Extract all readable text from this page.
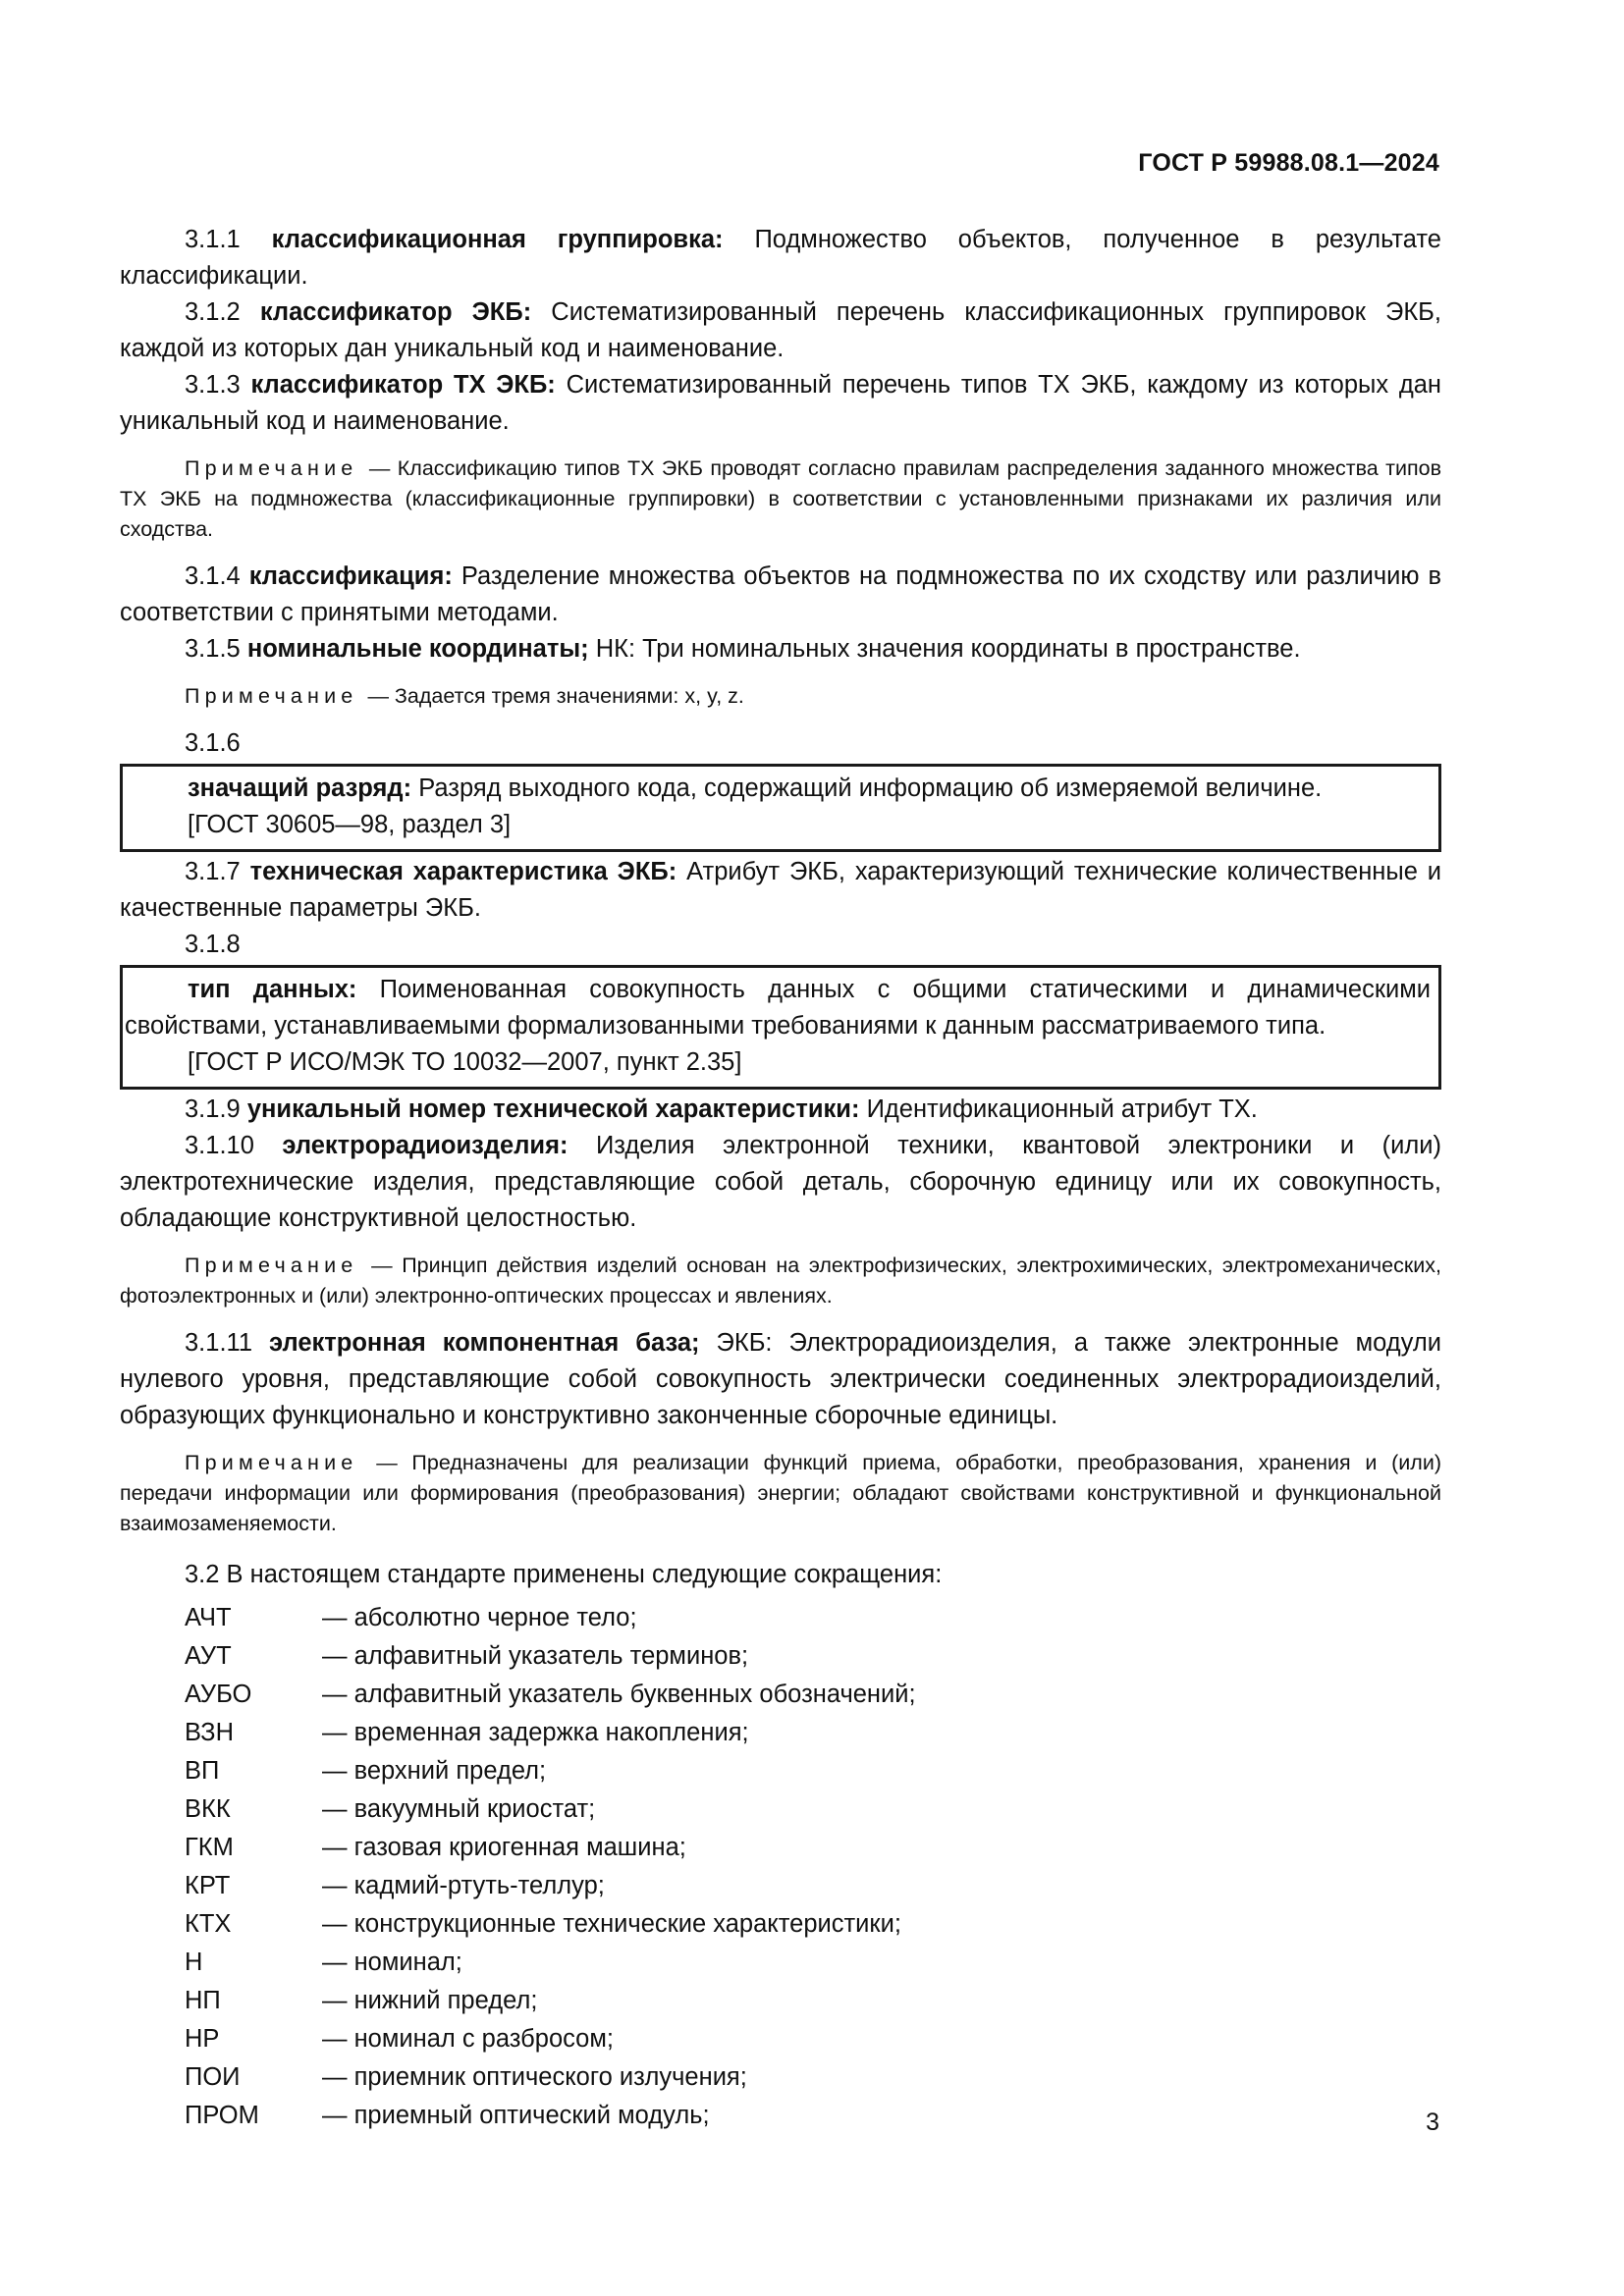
ГОСТ Р 59988.08.1—2024

3.1.1 классификационная группировка: Подмножество объектов, полученное в результате классификации.

3.1.2 классификатор ЭКБ: Систематизированный перечень классификационных группировок ЭКБ, каждой из которых дан уникальный код и наименование.

3.1.3 классификатор ТХ ЭКБ: Систематизированный перечень типов ТХ ЭКБ, каждому из которых дан уникальный код и наименование.

Примечание — Классификацию типов ТХ ЭКБ проводят согласно правилам распределения заданного множества типов ТХ ЭКБ на подмножества (классификационные группировки) в соответствии с установленными признаками их различия или сходства.

3.1.4 классификация: Разделение множества объектов на подмножества по их сходству или различию в соответствии с принятыми методами.

3.1.5 номинальные координаты; НК: Три номинальных значения координаты в пространстве.

Примечание — Задается тремя значениями: x, y, z.

3.1.6

значащий разряд: Разряд выходного кода, содержащий информацию об измеряемой величине.

[ГОСТ 30605—98, раздел 3]

3.1.7 техническая характеристика ЭКБ: Атрибут ЭКБ, характеризующий технические количественные и качественные параметры ЭКБ.

3.1.8

тип данных: Поименованная совокупность данных с общими статическими и динамическими свойствами, устанавливаемыми формализованными требованиями к данным рассматриваемого типа.

[ГОСТ Р ИСО/МЭК ТО 10032—2007, пункт 2.35]

3.1.9 уникальный номер технической характеристики: Идентификационный атрибут ТХ.

3.1.10 электрорадиоизделия: Изделия электронной техники, квантовой электроники и (или) электротехнические изделия, представляющие собой деталь, сборочную единицу или их совокупность, обладающие конструктивной целостностью.

Примечание — Принцип действия изделий основан на электрофизических, электрохимических, электромеханических, фотоэлектронных и (или) электронно-оптических процессах и явлениях.

3.1.11 электронная компонентная база; ЭКБ: Электрорадиоизделия, а также электронные модули нулевого уровня, представляющие собой совокупность электрически соединенных электрорадиоизделий, образующих функционально и конструктивно законченные сборочные единицы.

Примечание — Предназначены для реализации функций приема, обработки, преобразования, хранения и (или) передачи информации или формирования (преобразования) энергии; обладают свойствами конструктивной и функциональной взаимозаменяемости.

3.2 В настоящем стандарте применены следующие сокращения:

АЧТ	— абсолютно черное тело;
АУТ	— алфавитный указатель терминов;
АУБО	— алфавитный указатель буквенных обозначений;
ВЗН	— временная задержка накопления;
ВП	— верхний предел;
ВКК	— вакуумный криостат;
ГКМ	— газовая криогенная машина;
КРТ	— кадмий-ртуть-теллур;
КТХ	— конструкционные технические характеристики;
Н	— номинал;
НП	— нижний предел;
НР	— номинал с разбросом;
ПОИ	— приемник оптического излучения;
ПРОМ	— приемный оптический модуль;	3
